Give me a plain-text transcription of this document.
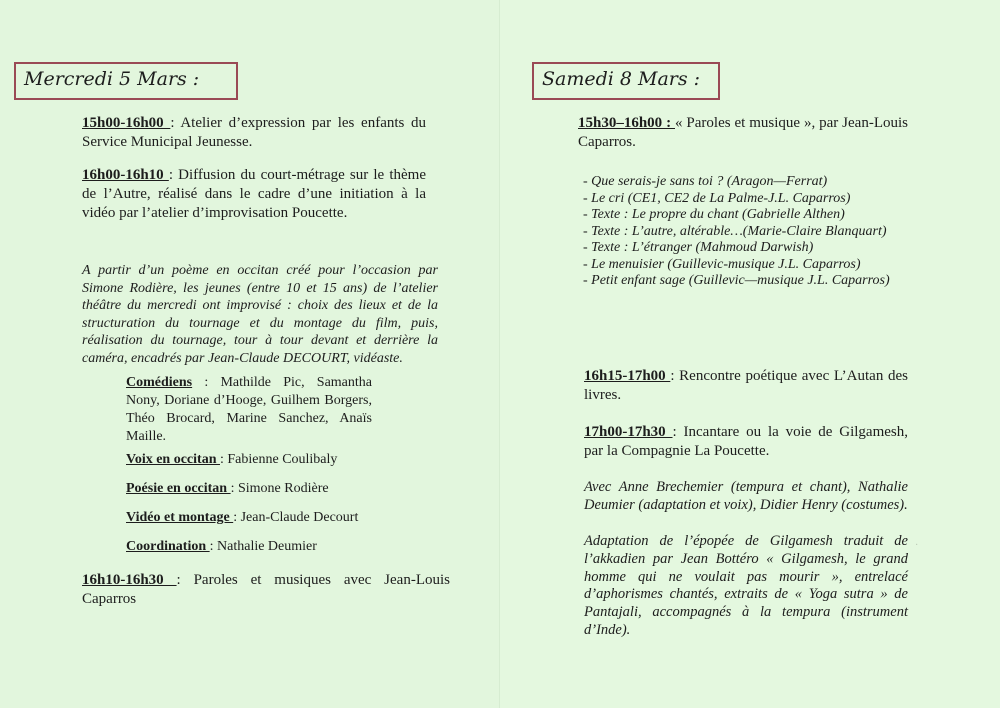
Mercredi 5 Mars :
15h00-16h00 : Atelier d’expression par les enfants du Service Municipal Jeunesse.
16h00-16h10 : Diffusion du court-métrage sur le thème de l’Autre, réalisé dans le cadre d’une initiation à la vidéo par l’atelier d’improvisation Poucette.
A partir d’un poème en occitan créé pour l’occasion par Simone Rodière, les jeunes (entre 10 et 15 ans) de l’atelier théâtre du mercredi ont improvisé : choix des lieux et de la structuration du tournage et du montage du film, puis, réalisation du tournage, tour à tour devant et derrière la caméra, encadrés par Jean-Claude DECOURT, vidéaste.
Comédiens : Mathilde Pic, Samantha Nony, Doriane d’Hooge, Guilhem Borgers, Théo Brocard, Marine Sanchez, Anaïs Maille.
Voix en occitan : Fabienne Coulibaly
Poésie en occitan : Simone Rodière
Vidéo et montage : Jean-Claude Decourt
Coordination : Nathalie Deumier
16h10-16h30 : Paroles et musiques avec Jean-Louis Caparros
Samedi 8 Mars :
15h30–16h00 : « Paroles et musique », par Jean-Louis Caparros.
- Que serais-je sans toi ? (Aragon—Ferrat)
- Le cri (CE1, CE2 de La Palme-J.L. Caparros)
- Texte : Le propre du chant (Gabrielle Althen)
- Texte : L’autre, altérable…(Marie-Claire Blanquart)
- Texte : L’étranger (Mahmoud Darwish)
- Le menuisier (Guillevic-musique J.L. Caparros)
- Petit enfant sage (Guillevic—musique J.L. Caparros)
16h15-17h00 : Rencontre poétique avec L’Autan des livres.
17h00-17h30 : Incantare ou la voie de Gilgamesh, par la Compagnie La Poucette.
Avec Anne Brechemier (tempura et chant), Nathalie Deumier (adaptation et voix), Didier Henry (costumes).
Adaptation de l’épopée de Gilgamesh traduit de l’akkadien par Jean Bottéro « Gilgamesh, le grand homme qui ne voulait pas mourir », entrelacé d’aphorismes chantés, extraits de « Yoga sutra » de Pantajali, accompagnés à la tempura (instrument d’Inde).
·
